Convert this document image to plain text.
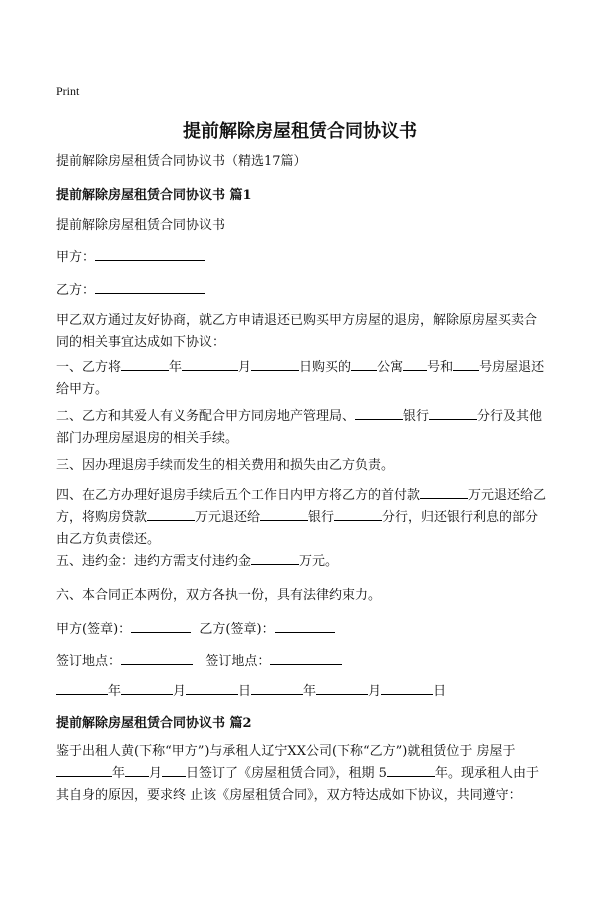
Print
提前解除房屋租赁合同协议书

提前解除房屋租赁合同协议书（精选17篇）

提前解除房屋租赁合同协议书 篇1

提前解除房屋租赁合同协议书

甲方：

乙方：

甲乙双方通过友好协商，就乙方申请退还已购买甲方房屋的退房，解除原房屋买卖合同的相关事宜达成如下协议：

一、乙方将	年	月	日购买的 公寓 号和 号房屋退还给甲方。

二、乙方和其爱人有义务配合甲方同房地产管理局、	银行	分行及其他部门办理房屋退房的相关手续。

三、因办理退房手续而发生的相关费用和损失由乙方负责。

四、在乙方办理好退房手续后五个工作日内甲方将乙方的首付款	万元退还给乙方，将购房贷款	万元退还给	银行	分行，归还银行利息的部分由乙方负责偿还。

五、违约金：违约方需支付违约金	万元。

六、本合同正本两份，双方各执一份，具有法律约束力。

甲方(签章)：	乙方(签章)：

签订地点：	签订地点：

年	月	日	年	月	日

提前解除房屋租赁合同协议书 篇2

鉴于出租人黄(下称“甲方”)与承租人辽宁XX公司(下称“乙方”)就租赁位于 房屋于年 月 日签订了《房屋租赁合同》，租期 5	年。现承租人由于其自身的原因，要求终 止该《房屋租赁合同》，双方特达成如下协议，共同遵守：
